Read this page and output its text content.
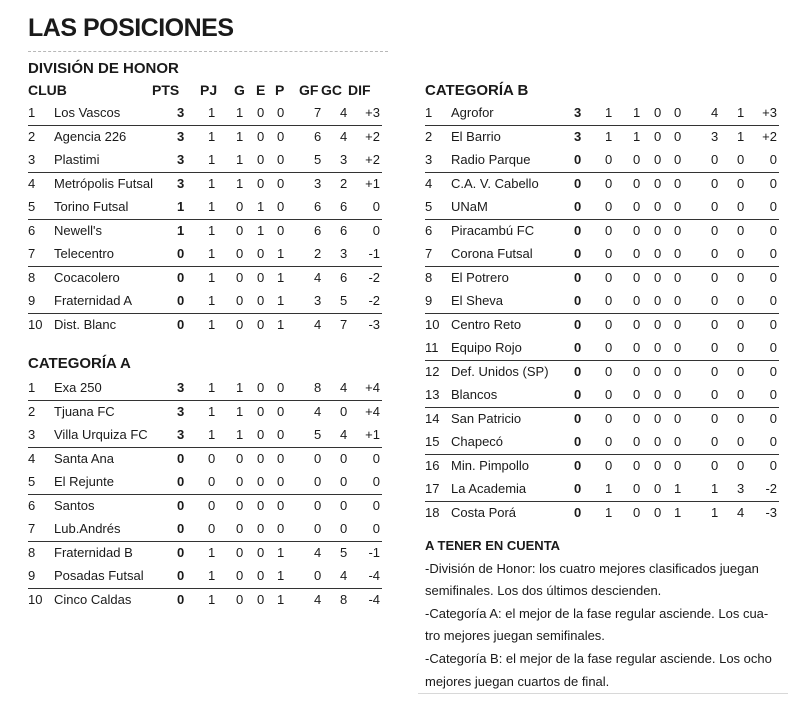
LAS POSICIONES
DIVISIÓN DE HONOR
CLUB	PTS PJ G E P GF GC DIF
1 Los Vascos	3 1 1 0 0 7 4 +3
2 Agencia 226	3 1 1 0 0 6 4 +2
3 Plastimi	3 1 1 0 0 5 3 +2
4 Metrópolis Futsal 3 1 1 0 0 3 2 +1
5 Torino Futsal	1 1 0 1 0 6 6 0
6 Newell's	1 1 0 1 0 6 6 0
7 Telecentro	0 1 0 0 1 2 3 -1
8 Cocacolero	0 1 0 0 1 4 6 -2
9 Fraternidad A	0 1 0 0 1 3 5 -2
10 Dist. Blanc	0 1 0 0 1 4 7 -3
CATEGORÍA A
1 Exa 250	3 1 1 0 0 8 4 +4
2 Tjuana FC	3 1 1 0 0 4 0 +4
3 Villa Urquiza FC 3 1 1 0 0 5 4 +1
4 Santa Ana	0 0 0 0 0 0 0 0
5 El Rejunte	0 0 0 0 0 0 0 0
6 Santos	0 0 0 0 0 0 0 0
7 Lub.Andrés	0 0 0 0 0 0 0 0
8 Fraternidad B	0 1 0 0 1 4 5 -1
9 Posadas Futsal	0 1 0 0 1 0 4 -4
10 Cinco Caldas	0 1 0 0 1 4 8 -4
CATEGORÍA B
1 Agrofor	3 1 1 0 0 4 1 +3
2 El Barrio	3 1 1 0 0 3 1 +2
3 Radio Parque	0 0 0 0 0 0 0 0
4 C.A. V. Cabello	0 0 0 0 0 0 0 0
5 UNaM	0 0 0 0 0 0 0 0
6 Piracambú FC	0 0 0 0 0 0 0 0
7 Corona Futsal	0 0 0 0 0 0 0 0
8 El Potrero	0 0 0 0 0 0 0 0
9 El Sheva	0 0 0 0 0 0 0 0
10 Centro Reto	0 0 0 0 0 0 0 0
11 Equipo Rojo	0 0 0 0 0 0 0 0
12 Def. Unidos (SP) 0 0 0 0 0 0 0 0
13 Blancos	0 0 0 0 0 0 0 0
14 San Patricio	0 0 0 0 0 0 0 0
15 Chapecó	0 0 0 0 0 0 0 0
16 Min. Pimpollo	0 0 0 0 0 0 0 0
17 La Academia	0 1 0 0 1 1 3 -2
18 Costa Porá	0 1 0 0 1 1 4 -3
A TENER EN CUENTA
-División de Honor: los cuatro mejores clasificados juegan
semifinales. Los dos últimos descienden.
-Categoría A: el mejor de la fase regular asciende. Los cua-
tro mejores juegan semifinales.
-Categoría B: el mejor de la fase regular asciende. Los ocho
mejores juegan cuartos de final.
